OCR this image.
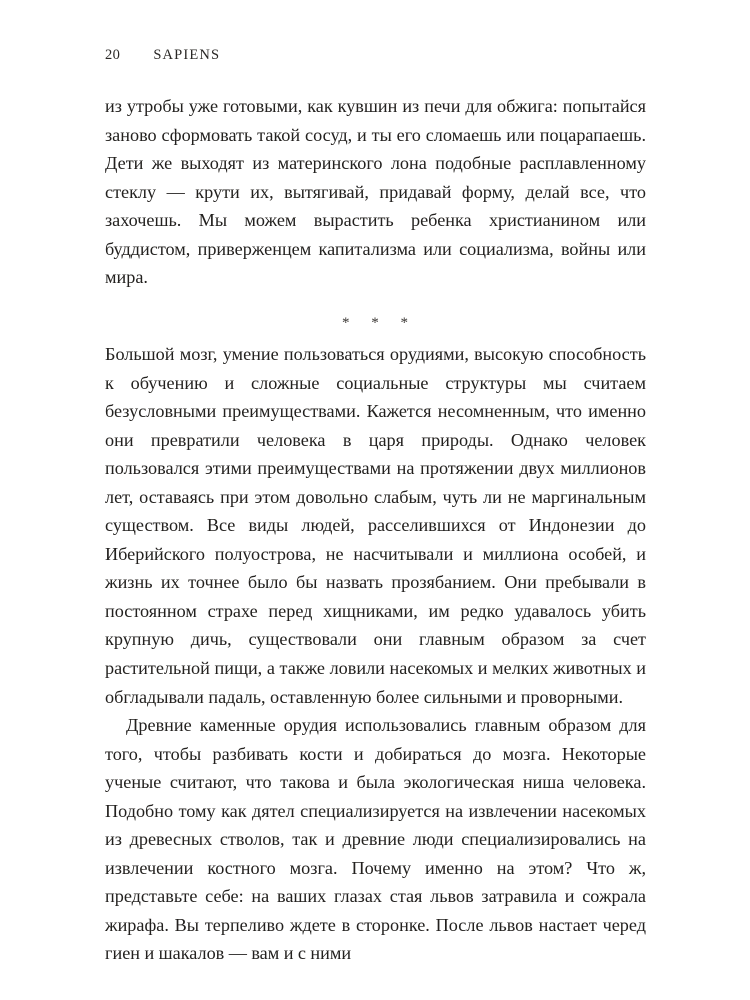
20 SAPIENS

из утробы уже готовыми, как кувшин из печи для обжига: попытайся заново сформовать такой сосуд, и ты его сломаешь или поцарапаешь. Дети же выходят из материнского лона подобные расплавленному стеклу — крути их, вытягивай, придавай форму, делай все, что захочешь. Мы можем вырастить ребенка христианином или буддистом, приверженцем капитализма или социализма, войны или мира.

* * *

Большой мозг, умение пользоваться орудиями, высокую способность к обучению и сложные социальные структуры мы считаем безусловными преимуществами. Кажется несомненным, что именно они превратили человека в царя природы. Однако человек пользовался этими преимуществами на протяжении двух миллионов лет, оставаясь при этом довольно слабым, чуть ли не маргинальным существом. Все виды людей, расселившихся от Индонезии до Иберийского полуострова, не насчитывали и миллиона особей, и жизнь их точнее было бы назвать прозябанием. Они пребывали в постоянном страхе перед хищниками, им редко удавалось убить крупную дичь, существовали они главным образом за счет растительной пищи, а также ловили насекомых и мелких животных и обгладывали падаль, оставленную более сильными и проворными.

Древние каменные орудия использовались главным образом для того, чтобы разбивать кости и добираться до мозга. Некоторые ученые считают, что такова и была экологическая ниша человека. Подобно тому как дятел специализируется на извлечении насекомых из древесных стволов, так и древние люди специализировались на извлечении костного мозга. Почему именно на этом? Что ж, представьте себе: на ваших глазах стая львов затравила и сожрала жирафа. Вы терпеливо ждете в сторонке. После львов настает черед гиен и шакалов — вам и с ними
